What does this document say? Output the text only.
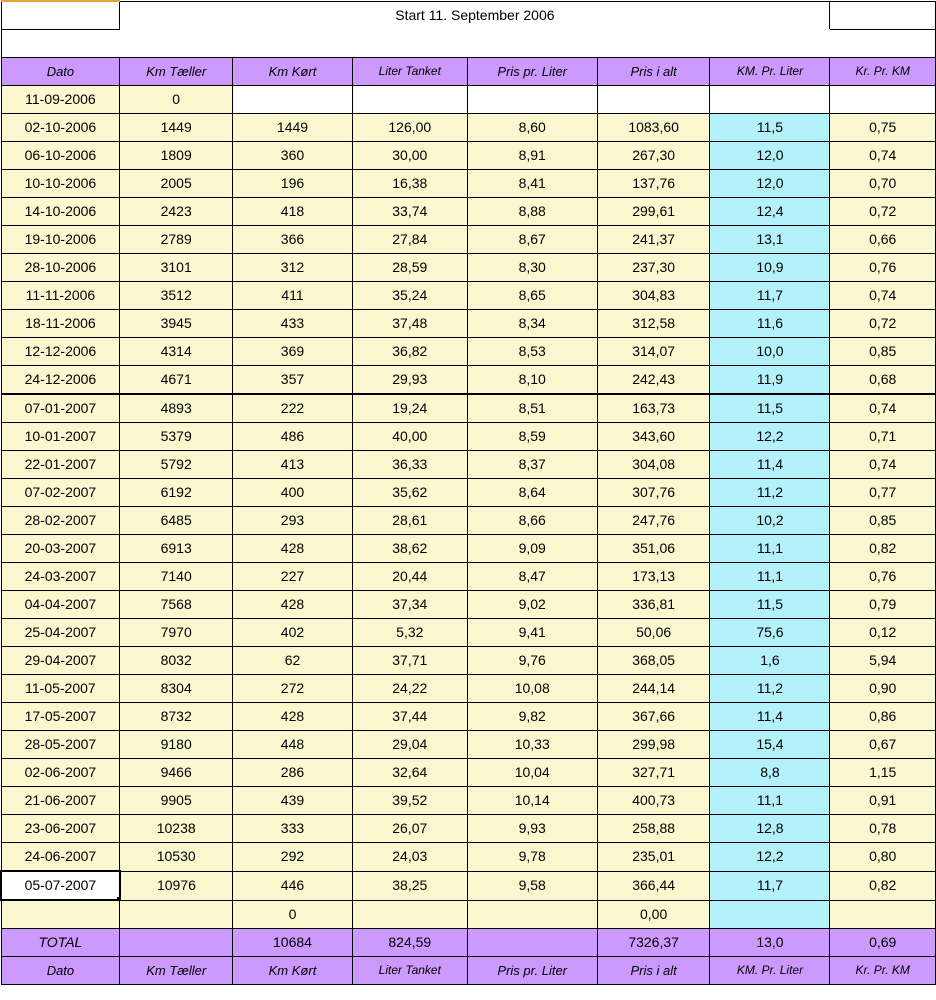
	Start 11. September 2006						

Dato	Km Tæller	Km Kørt	Liter Tanket	Pris pr. Liter	Pris i alt	KM. Pr. Liter	Kr. Pr. KM
11-09-2006	0						
02-10-2006	1449	1449	126,00	8,60	1083,60	11,5	0,75
06-10-2006	1809	360	30,00	8,91	267,30	12,0	0,74
10-10-2006	2005	196	16,38	8,41	137,76	12,0	0,70
14-10-2006	2423	418	33,74	8,88	299,61	12,4	0,72
19-10-2006	2789	366	27,84	8,67	241,37	13,1	0,66
28-10-2006	3101	312	28,59	8,30	237,30	10,9	0,76
11-11-2006	3512	411	35,24	8,65	304,83	11,7	0,74
18-11-2006	3945	433	37,48	8,34	312,58	11,6	0,72
12-12-2006	4314	369	36,82	8,53	314,07	10,0	0,85
24-12-2006	4671	357	29,93	8,10	242,43	11,9	0,68
07-01-2007	4893	222	19,24	8,51	163,73	11,5	0,74
10-01-2007	5379	486	40,00	8,59	343,60	12,2	0,71
22-01-2007	5792	413	36,33	8,37	304,08	11,4	0,74
07-02-2007	6192	400	35,62	8,64	307,76	11,2	0,77
28-02-2007	6485	293	28,61	8,66	247,76	10,2	0,85
20-03-2007	6913	428	38,62	9,09	351,06	11,1	0,82
24-03-2007	7140	227	20,44	8,47	173,13	11,1	0,76
04-04-2007	7568	428	37,34	9,02	336,81	11,5	0,79
25-04-2007	7970	402	5,32	9,41	50,06	75,6	0,12
29-04-2007	8032	62	37,71	9,76	368,05	1,6	5,94
11-05-2007	8304	272	24,22	10,08	244,14	11,2	0,90
17-05-2007	8732	428	37,44	9,82	367,66	11,4	0,86
28-05-2007	9180	448	29,04	10,33	299,98	15,4	0,67
02-06-2007	9466	286	32,64	10,04	327,71	8,8	1,15
21-06-2007	9905	439	39,52	10,14	400,73	11,1	0,91
23-06-2007	10238	333	26,07	9,93	258,88	12,8	0,78
24-06-2007	10530	292	24,03	9,78	235,01	12,2	0,80
05-07-2007	10976	446	38,25	9,58	366,44	11,7	0,82
		0			0,00		
TOTAL		10684	824,59		7326,37	13,0	0,69
Dato	Km Tæller	Km Kørt	Liter Tanket	Pris pr. Liter	Pris i alt	KM. Pr. Liter	Kr. Pr. KM
